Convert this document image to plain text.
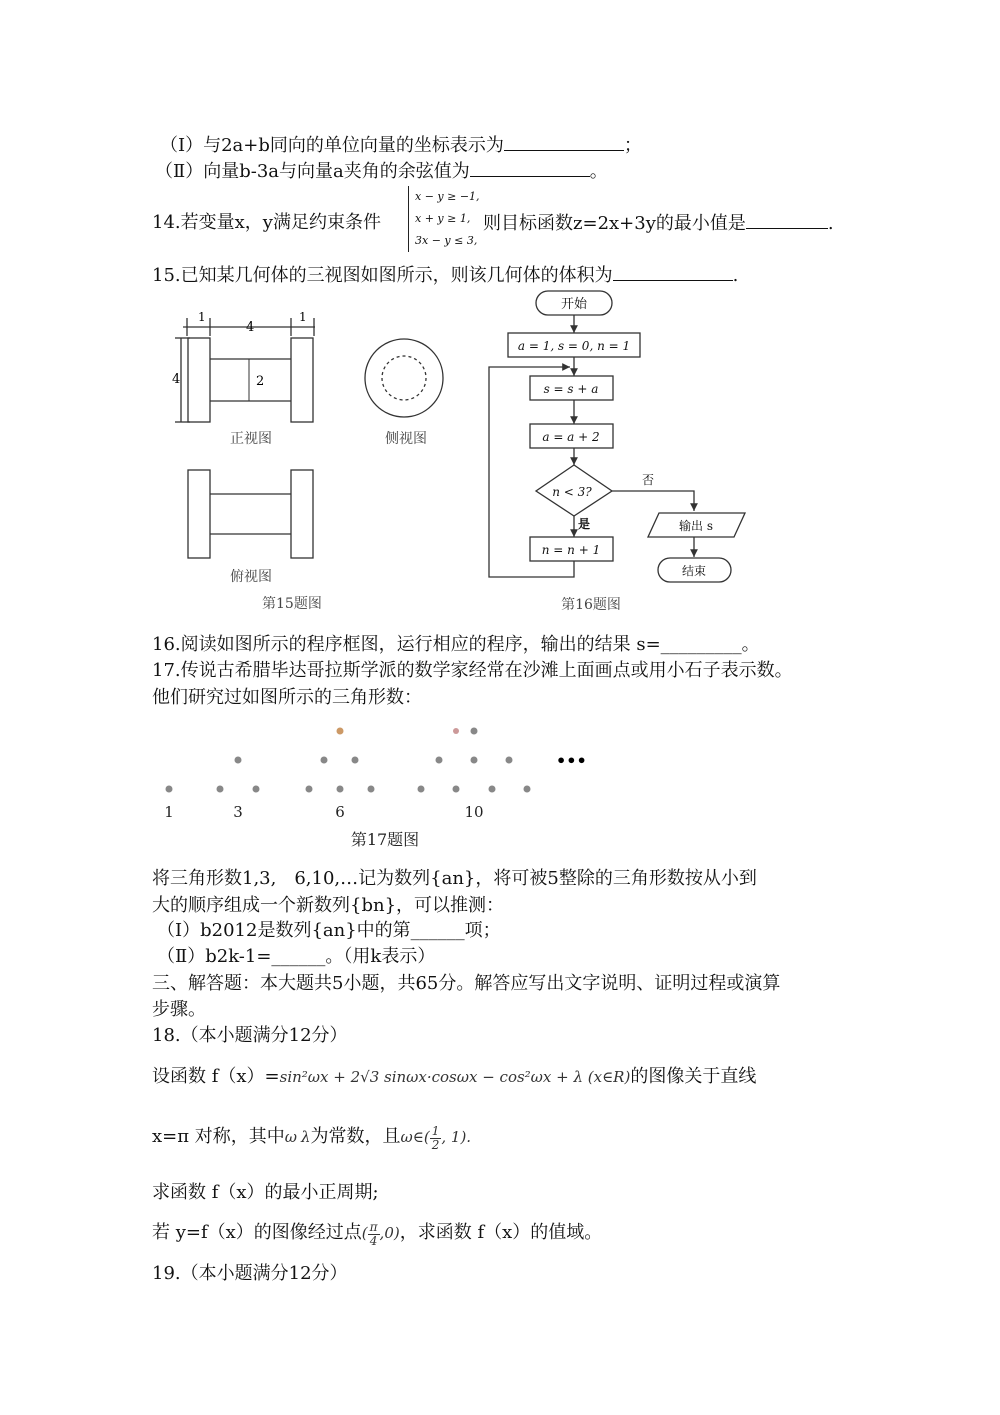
（Ⅰ）与2a+b同向的单位向量的坐标表示为	；
（Ⅱ）向量b-3a与向量a夹角的余弦值为	。
14.若变量x，y满足约束条件
x − y ≥ −1,
x + y ≥ 1,
3x − y ≤ 3,
则目标函数z=2x+3y的最小值是	.
15.已知某几何体的三视图如图所示，则该几何体的体积为	.
1
4
1
4	2
正视图	侧视图
俯视图
第15题图
开始
a = 1, s = 0, n = 1
s = s + a
a = a + 2
n < 3?
n = n + 1
输出 s
结束
否
是
第16题图
16.阅读如图所示的程序框图，运行相应的程序，输出的结果 s=_________。
17.传说古希腊毕达哥拉斯学派的数学家经常在沙滩上面画点或用小石子表示数。
他们研究过如图所示的三角形数：
•••
1	3	6	10
第17题图
将三角形数1,3,　6,10,…记为数列{an}，将可被5整除的三角形数按从小到
大的顺序组成一个新数列{bn}，可以推测：
（Ⅰ）b2012是数列{an}中的第______项；
（Ⅱ）b2k-1=______。（用k表示）
三、解答题：本大题共5小题，共65分。解答应写出文字说明、证明过程或演算
步骤。
18.（本小题满分12分）
设函数 f（x）=sin²ωx + 2√3 sinωx·cosωx − cos²ωx + λ (x∈R)的图像关于直线
x=π 对称，其中ω λ为常数，且ω∈( $\frac{1}{2}$ , 1).
求函数 f（x）的最小正周期;
若 y=f（x）的图像经过点( $\frac{\pi}{4} ,0$)，求函数 f（x）的值域。
19.（本小题满分12分）
